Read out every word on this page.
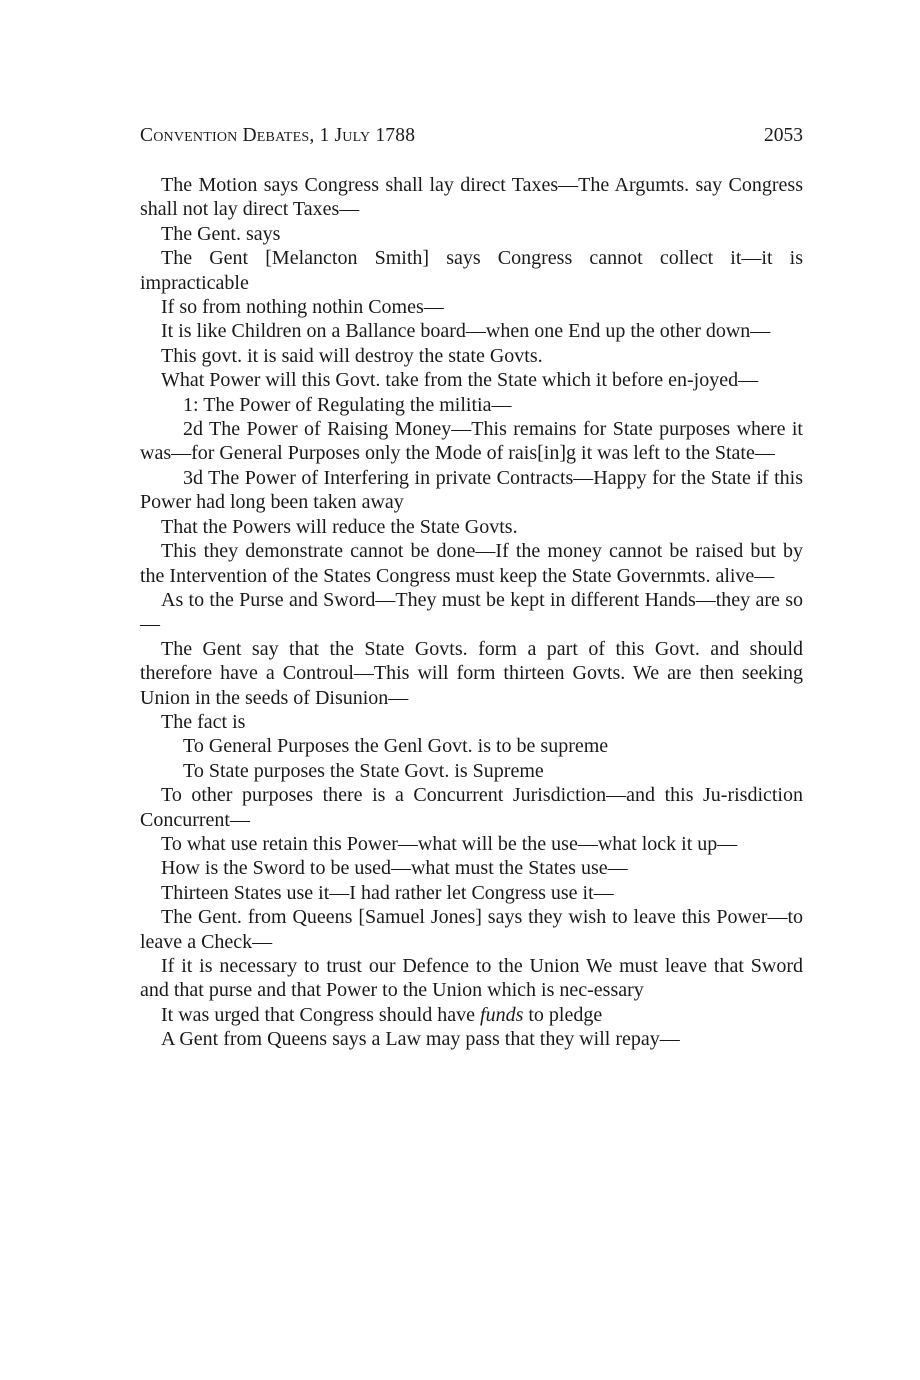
Convention Debates, 1 July 1788	2053

The Motion says Congress shall lay direct Taxes—The Argumts. say Congress shall not lay direct Taxes—

The Gent. says

The Gent [Melancton Smith] says Congress cannot collect it—it is impracticable

If so from nothing nothin Comes—

It is like Children on a Ballance board—when one End up the other down—

This govt. it is said will destroy the state Govts.

What Power will this Govt. take from the State which it before en-joyed—

1: The Power of Regulating the militia—

2d The Power of Raising Money—This remains for State purposes where it was—for General Purposes only the Mode of rais[in]g it was left to the State—

3d The Power of Interfering in private Contracts—Happy for the State if this Power had long been taken away

That the Powers will reduce the State Govts.

This they demonstrate cannot be done—If the money cannot be raised but by the Intervention of the States Congress must keep the State Governmts. alive—

As to the Purse and Sword—They must be kept in different Hands—they are so—

The Gent say that the State Govts. form a part of this Govt. and should therefore have a Controul—This will form thirteen Govts. We are then seeking Union in the seeds of Disunion—

The fact is

To General Purposes the Genl Govt. is to be supreme

To State purposes the State Govt. is Supreme

To other purposes there is a Concurrent Jurisdiction—and this Ju-risdiction Concurrent—

To what use retain this Power—what will be the use—what lock it up—

How is the Sword to be used—what must the States use—

Thirteen States use it—I had rather let Congress use it—

The Gent. from Queens [Samuel Jones] says they wish to leave this Power—to leave a Check—

If it is necessary to trust our Defence to the Union We must leave that Sword and that purse and that Power to the Union which is nec-essary

It was urged that Congress should have funds to pledge

A Gent from Queens says a Law may pass that they will repay—
